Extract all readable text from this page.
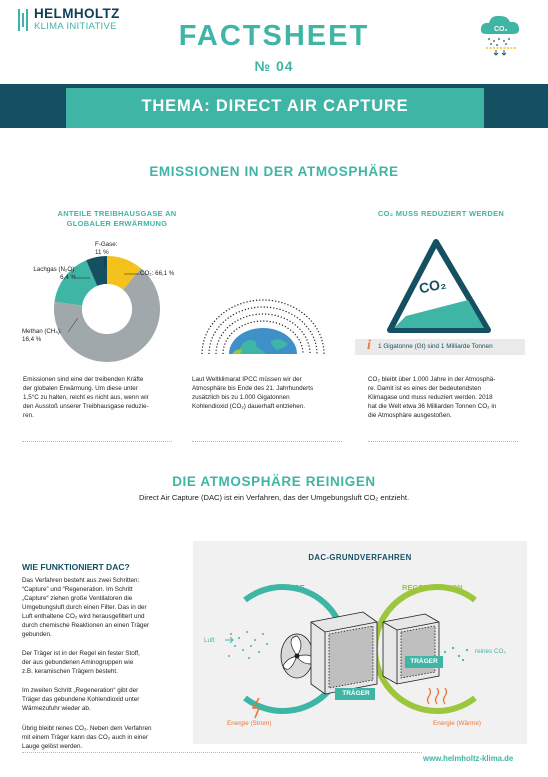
HELMHOLTZ
KLIMA INITIATIVE	FACTSHEET
№ 04
CO₂
THEMA: DIRECT AIR CAPTURE
EMISSIONEN IN DER ATMOSPHÄRE
ANTEILE TREIBHAUSGASE AN
GLOBALER ERWÄRMUNG
F-Gase:
11 %
Lachgas (N₂O):
6,4 %
CO₂: 66,1 %
Methan (CH₄):
16,4 %
CO₂ MUSS REDUZIERT WERDEN
CO₂
i 1 Gigatonne (Gt) sind 1 Milliarde Tonnen
Emissionen sind eine der treibenden Kräfte
der globalen Erwärmung. Um diese unter
1,5°C zu halten, reicht es nicht aus, wenn wir
den Ausstoß unserer Treibhausgase reduzie-
ren.
Laut Weltklimarat IPCC müssen wir der
Atmosphäre bis Ende des 21. Jahrhunderts
zusätzlich bis zu 1.000 Gigatonnen
Kohlendioxid (CO₂) dauerhaft entziehen.
CO₂ bleibt über 1.000 Jahre in der Atmosphä-
re. Damit ist es eines der bedeutendsten
Klimagase und muss reduziert werden. 2018
hat die Welt etwa 36 Milliarden Tonnen CO₂ in
die Atmosphäre ausgestoßen.
DIE ATMOSPHÄRE REINIGEN
Direct Air Capture (DAC) ist ein Verfahren, das der Umgebungsluft CO₂ entzieht.
WIE FUNKTIONIERT DAC?
Das Verfahren besteht aus zwei Schritten:
“Capture” und “Regeneration. Im Schritt
„Capture“ ziehen große Ventilatoren die
Umgebungsluft durch einen Filter. Das in der
Luft enthaltene CO₂ wird herausgefiltert und
durch chemische Reaktionen an einen Träger
gebunden.
Der Träger ist in der Regel ein fester Stoff,
der aus gebundenen Aminogruppen wie
z.B. keramischen Trägern besteht.
Im zweiten Schritt „Regeneration“ gibt der
Träger das gebundene Kohlendioxid unter
Wärmezufuhr wieder ab.
Übrig bleibt reines CO₂. Neben dem Verfahren
mit einem Träger kann das CO₂ auch in einer
Lauge gelöst werden.
DAC-GRUNDVERFAHREN
CAPTURE	REGENERATION
Luft
reines CO₂
Energie (Strom)	Energie (Wärme)
TRÄGER
TRÄGER
www.helmholtz-klima.de
